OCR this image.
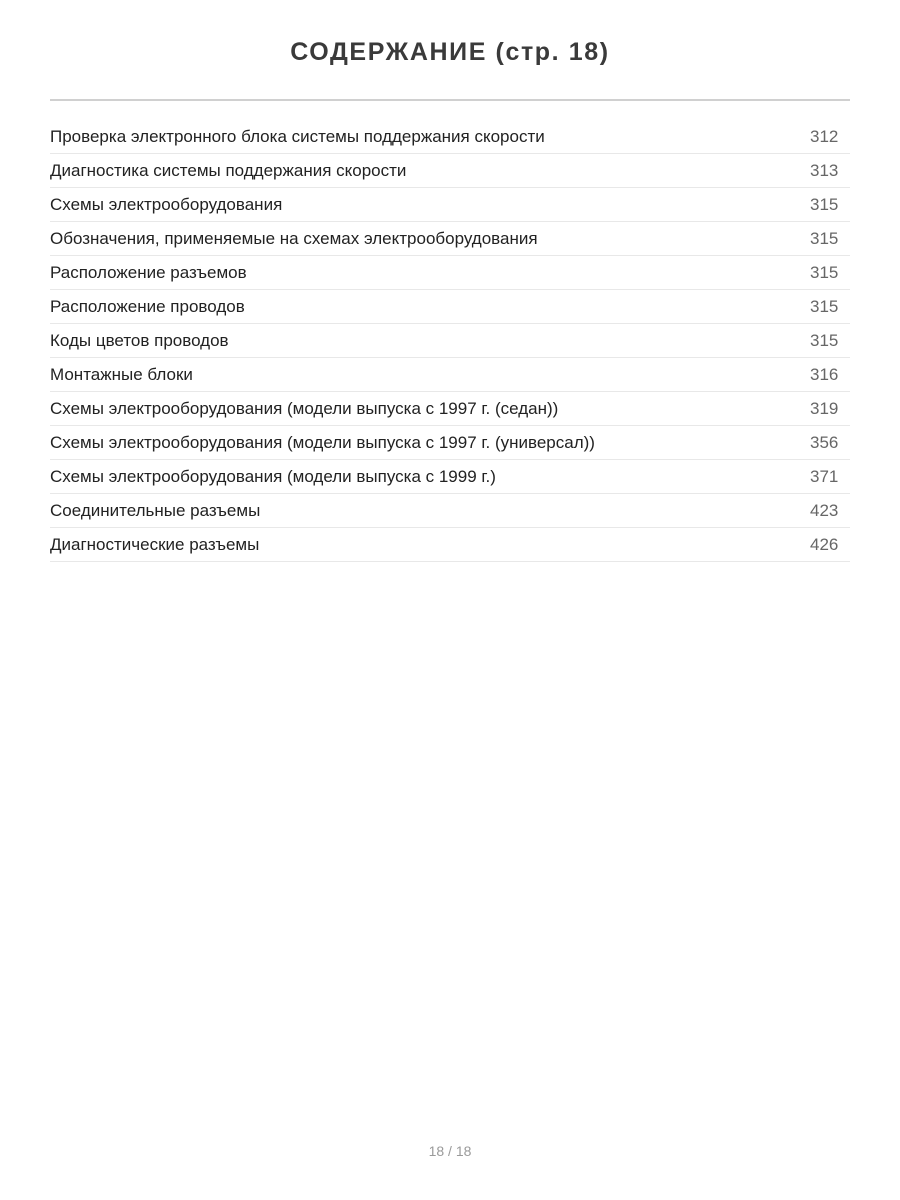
СОДЕРЖАНИЕ (стр. 18)
Проверка электронного блока системы поддержания скорости	312
Диагностика системы поддержания скорости	313
Схемы электрооборудования	315
Обозначения, применяемые на схемах электрооборудования	315
Расположение разъемов	315
Расположение проводов	315
Коды цветов проводов	315
Монтажные блоки	316
Схемы электрооборудования (модели выпуска с 1997 г. (седан))	319
Схемы электрооборудования (модели выпуска с 1997 г. (универсал))	356
Схемы электрооборудования (модели выпуска с 1999 г.)	371
Соединительные разъемы	423
Диагностические разъемы	426
18 / 18
